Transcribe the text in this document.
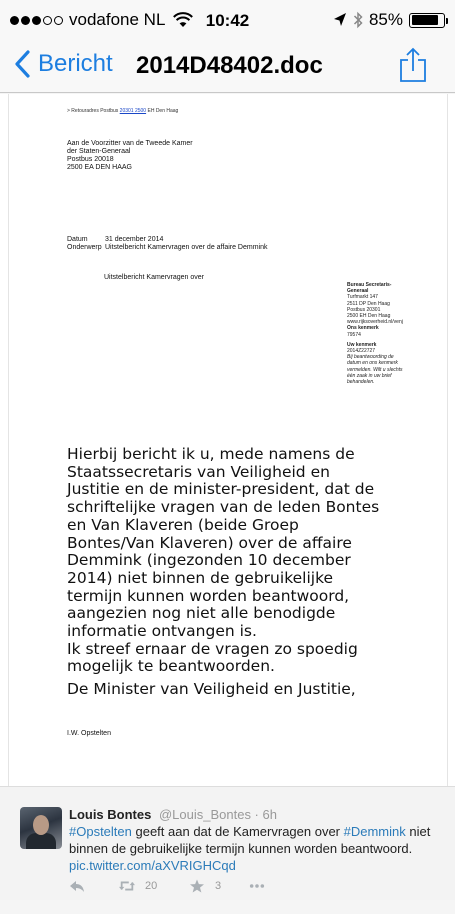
vodafone NL	10:42	85%
Bericht 2014D48402.doc
> Retouradres Postbus 20301 2500 EH Den Haag
Aan de Voorzitter van de Tweede Kamer
der Staten-Generaal
Postbus 20018
2500 EA DEN HAAG
Datum 31 december 2014
Onderwerp Uitstelbericht Kamervragen over de affaire Demmink
Uitstelbericht Kamervragen over
Bureau Secretaris-
Generaal
Turfmarkt 147
2511 DP Den Haag
Postbus 20301
2500 EH Den Haag
www.rijksoverheid.nl/venj
Ons kenmerk
79574
Uw kenmerk
2014Z22727
Bij beantwoording de
datum en ons kenmerk
vermelden. Wilt u slechts
één zaak in uw brief
behandelen.

Hierbij bericht ik u, mede namens de

Staatssecretaris van Veiligheid en

Justitie en de minister-president, dat de

schriftelijke vragen van de leden Bontes

en Van Klaveren (beide Groep

Bontes/Van Klaveren) over de affaire

Demmink (ingezonden 10 december

2014) niet binnen de gebruikelijke

termijn kunnen worden beantwoord,

aangezien nog niet alle benodigde

informatie ontvangen is.

Ik streef ernaar de vragen zo spoedig

mogelijk te beantwoorden.

De Minister van Veiligheid en Justitie,
I.W. Opstelten
Louis Bontes @Louis_Bontes · 6h
#Opstelten geeft aan dat de Kamervragen over #Demmink niet binnen de gebruikelijke termijn kunnen worden beantwoord.
pic.twitter.com/aXVRIGHCqd
20	3
